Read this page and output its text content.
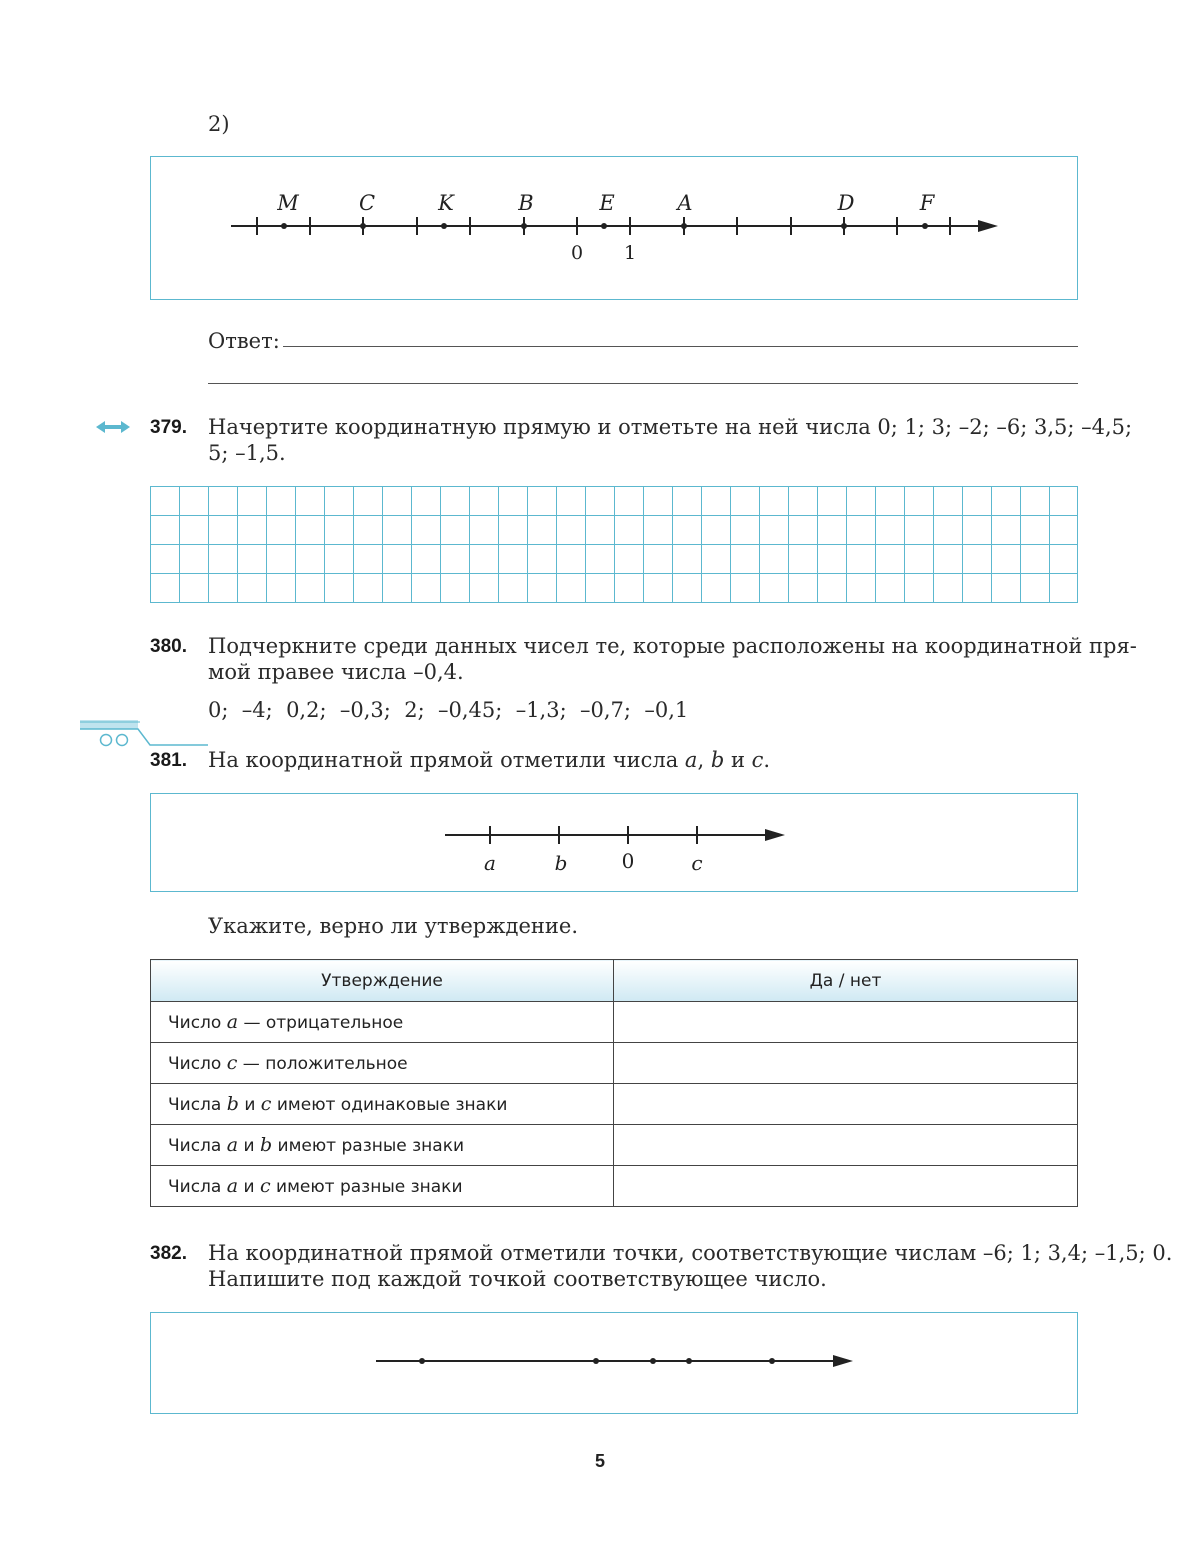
2)
M	C	K	B	E	A	D	F
0 1
Ответ:
379. Начертите координатную прямую и отметьте на ней числа 0; 1; 3; –2; –6; 3,5; –4,5;
5; –1,5.
380. Подчеркните среди данных чисел те, которые расположены на координатной пря-
мой правее числа –0,4.
0;  –4;  0,2;  –0,3;  2;  –0,45;  –1,3;  –0,7;  –0,1
381. На координатной прямой отметили числа a, b и c.
a	b	0	c
Укажите, верно ли утверждение.
Утверждение	Да / нет
Число a — отрицательное	
Число c — положительное	
Числа b и c имеют одинаковые знаки	
Числа a и b имеют разные знаки	
Числа a и c имеют разные знаки	
382. На координатной прямой отметили точки, соответствующие числам –6; 1; 3,4; –1,5; 0.
Напишите под каждой точкой соответствующее число.
5
